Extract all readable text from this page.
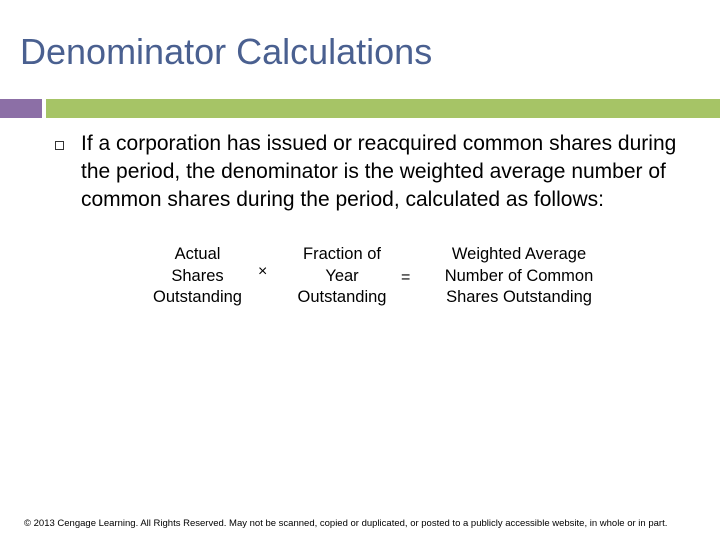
Denominator Calculations
If a corporation has issued or reacquired common shares during the period, the denominator is the weighted average number of common shares during the period, calculated as follows:
Actual
Shares
Outstanding
×
Fraction of
Year
Outstanding
=
Weighted Average
Number of Common
Shares Outstanding
© 2013 Cengage Learning. All Rights Reserved. May not be scanned, copied or duplicated, or posted to a publicly accessible website, in whole or in part.
